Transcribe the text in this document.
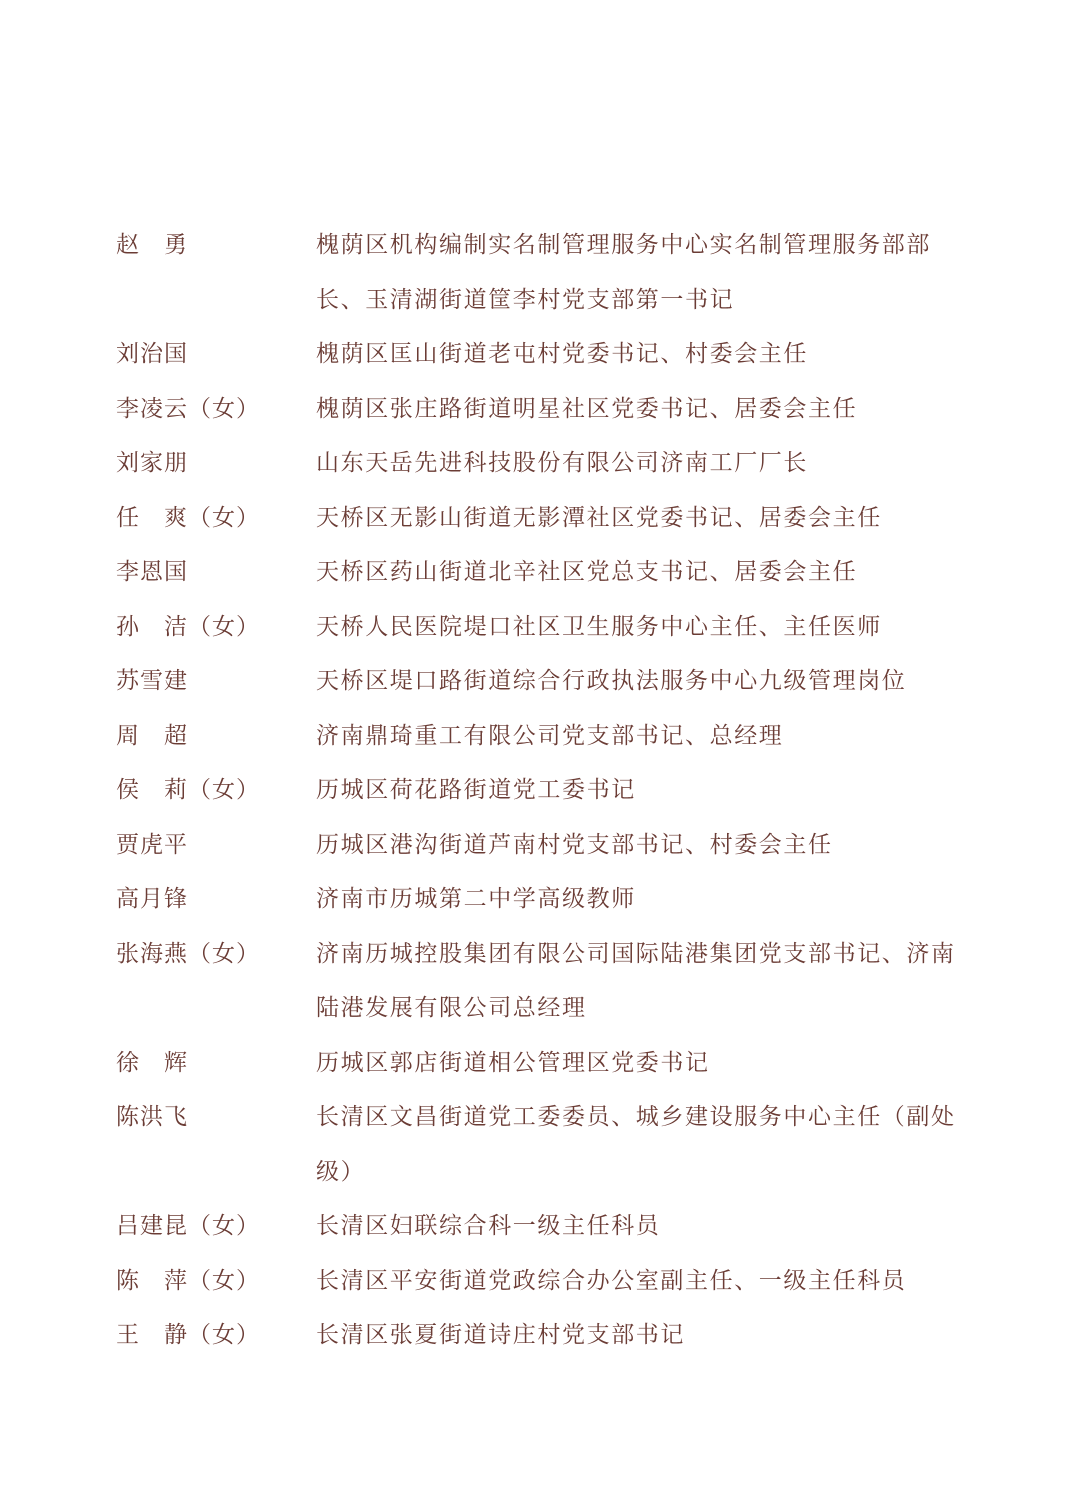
赵　勇	槐荫区机构编制实名制管理服务中心实名制管理服务部部长、玉清湖街道筐李村党支部第一书记
刘治国	槐荫区匡山街道老屯村党委书记、村委会主任
李凌云（女）	槐荫区张庄路街道明星社区党委书记、居委会主任
刘家朋	山东天岳先进科技股份有限公司济南工厂厂长
任　爽（女）	天桥区无影山街道无影潭社区党委书记、居委会主任
李恩国	天桥区药山街道北辛社区党总支书记、居委会主任
孙　洁（女）	天桥人民医院堤口社区卫生服务中心主任、主任医师
苏雪建	天桥区堤口路街道综合行政执法服务中心九级管理岗位
周　超	济南鼎琦重工有限公司党支部书记、总经理
侯　莉（女）	历城区荷花路街道党工委书记
贾虎平	历城区港沟街道芦南村党支部书记、村委会主任
高月锋	济南市历城第二中学高级教师
张海燕（女）	济南历城控股集团有限公司国际陆港集团党支部书记、济南陆港发展有限公司总经理
徐　辉	历城区郭店街道相公管理区党委书记
陈洪飞	长清区文昌街道党工委委员、城乡建设服务中心主任（副处级）
吕建昆（女）	长清区妇联综合科一级主任科员
陈　萍（女）	长清区平安街道党政综合办公室副主任、一级主任科员
王　静（女）	长清区张夏街道诗庄村党支部书记
